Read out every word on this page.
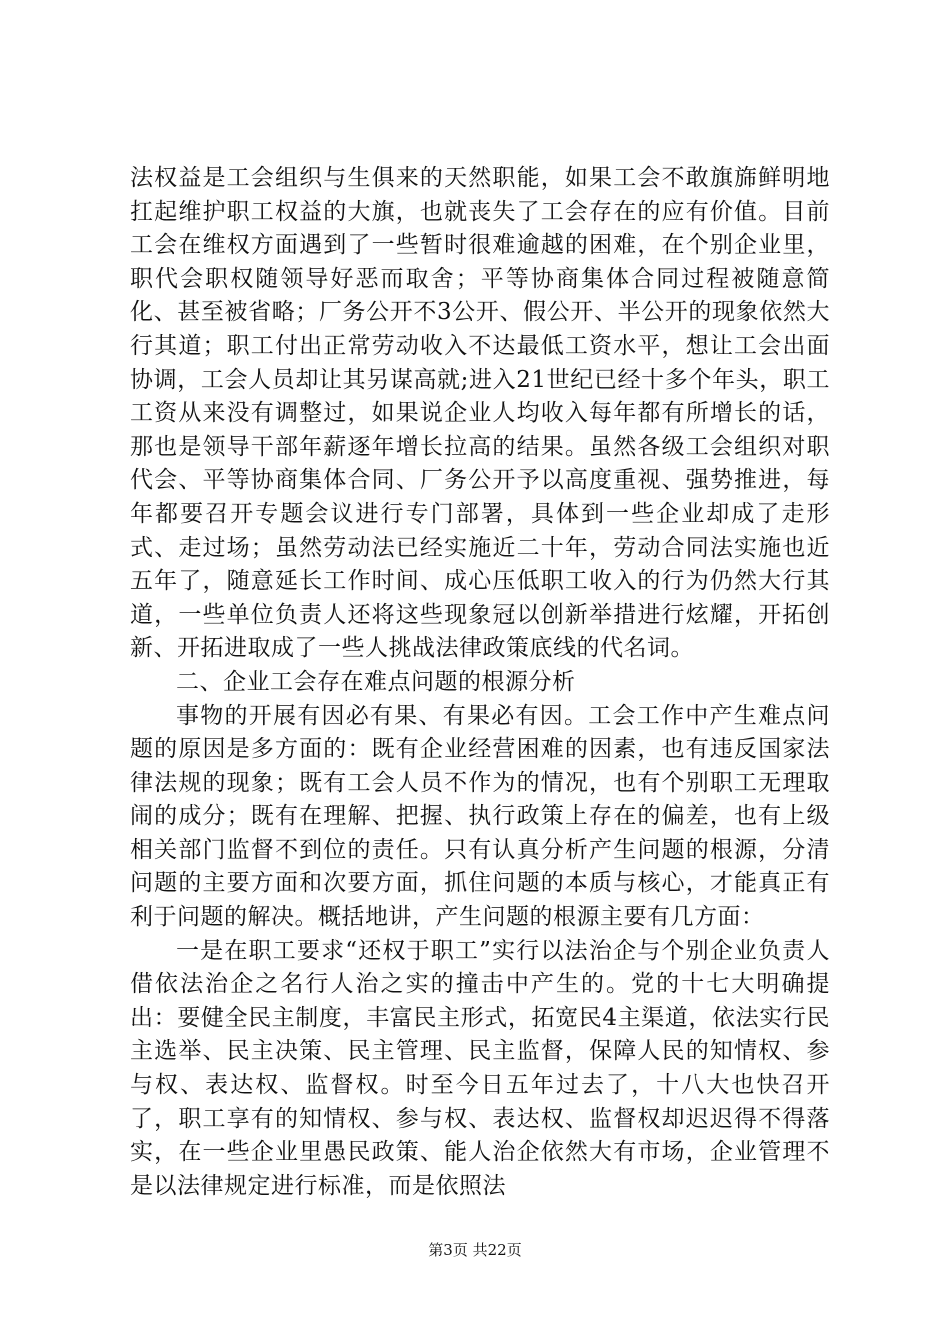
法权益是工会组织与生俱来的天然职能，如果工会不敢旗旆鲜明地扛起维护职工权益的大旗，也就丧失了工会存在的应有价值。目前工会在维权方面遇到了一些暂时很难逾越的困难，在个别企业里，职代会职权随领导好恶而取舍；平等协商集体合同过程被随意简化、甚至被省略；厂务公开不3公开、假公开、半公开的现象依然大行其道；职工付出正常劳动收入不达最低工资水平，想让工会出面协调，工会人员却让其另谋高就;进入21世纪已经十多个年头，职工工资从来没有调整过，如果说企业人均收入每年都有所增长的话，那也是领导干部年薪逐年增长拉高的结果。虽然各级工会组织对职代会、平等协商集体合同、厂务公开予以高度重视、强势推进，每年都要召开专题会议进行专门部署，具体到一些企业却成了走形式、走过场；虽然劳动法已经实施近二十年，劳动合同法实施也近五年了，随意延长工作时间、成心压低职工收入的行为仍然大行其道，一些单位负责人还将这些现象冠以创新举措进行炫耀，开拓创新、开拓进取成了一些人挑战法律政策底线的代名词。

二、企业工会存在难点问题的根源分析

事物的开展有因必有果、有果必有因。工会工作中产生难点问题的原因是多方面的：既有企业经营困难的因素，也有违反国家法律法规的现象；既有工会人员不作为的情况，也有个别职工无理取闹的成分；既有在理解、把握、执行政策上存在的偏差，也有上级相关部门监督不到位的责任。只有认真分析产生问题的根源，分清问题的主要方面和次要方面，抓住问题的本质与核心，才能真正有利于问题的解决。概括地讲，产生问题的根源主要有几方面：

一是在职工要求“还权于职工”实行以法治企与个别企业负责人借依法治企之名行人治之实的撞击中产生的。党的十七大明确提出：要健全民主制度，丰富民主形式，拓宽民4主渠道，依法实行民主选举、民主决策、民主管理、民主监督，保障人民的知情权、参与权、表达权、监督权。时至今日五年过去了，十八大也快召开了，职工享有的知情权、参与权、表达权、监督权却迟迟得不得落实，在一些企业里愚民政策、能人治企依然大有市场，企业管理不是以法律规定进行标准，而是依照法

第3页 共22页
